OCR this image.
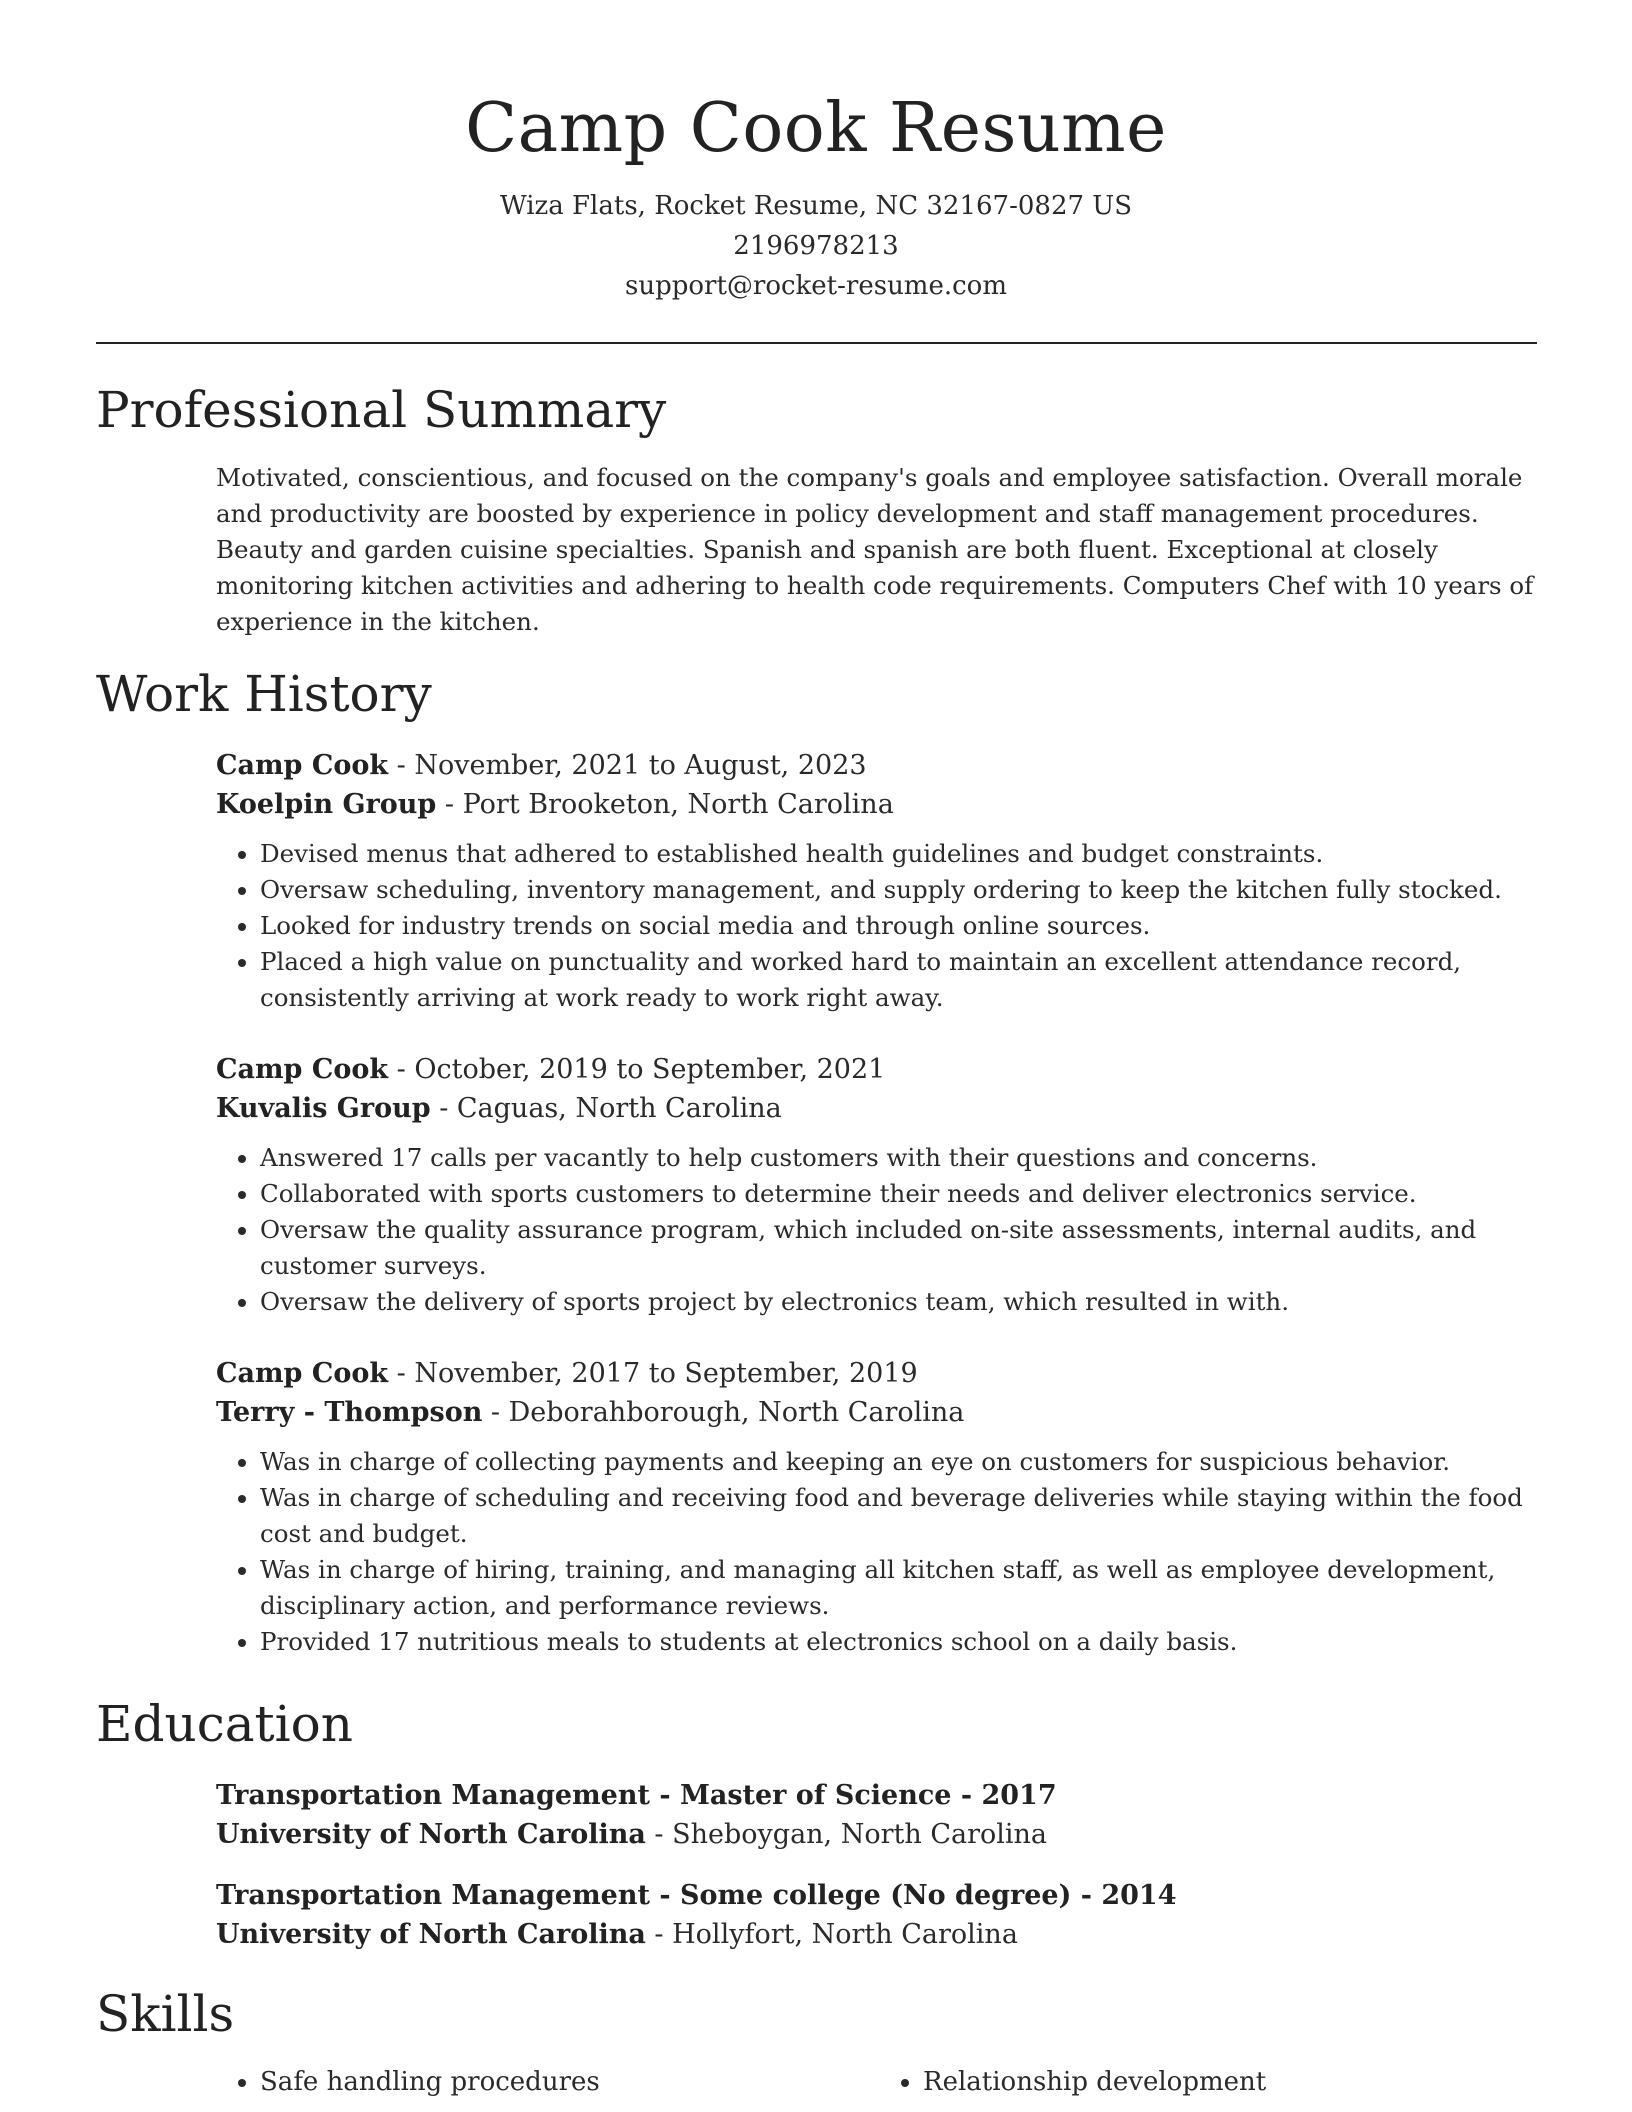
Camp Cook Resume
Wiza Flats, Rocket Resume, NC 32167-0827 US
2196978213
support@rocket-resume.com
Professional Summary

Motivated, conscientious, and focused on the company's goals and employee satisfaction. Overall morale and productivity are boosted by experience in policy development and staff management procedures. Beauty and garden cuisine specialties. Spanish and spanish are both fluent. Exceptional at closely monitoring kitchen activities and adhering to health code requirements. Computers Chef with 10 years of experience in the kitchen.

Work History
Camp Cook - November, 2021 to August, 2023
Koelpin Group - Port Brooketon, North Carolina
• Devised menus that adhered to established health guidelines and budget constraints.
• Oversaw scheduling, inventory management, and supply ordering to keep the kitchen fully stocked.
• Looked for industry trends on social media and through online sources.
• Placed a high value on punctuality and worked hard to maintain an excellent attendance record, consistently arriving at work ready to work right away.
Camp Cook - October, 2019 to September, 2021
Kuvalis Group - Caguas, North Carolina
• Answered 17 calls per vacantly to help customers with their questions and concerns.
• Collaborated with sports customers to determine their needs and deliver electronics service.
• Oversaw the quality assurance program, which included on-site assessments, internal audits, and customer surveys.
• Oversaw the delivery of sports project by electronics team, which resulted in with.
Camp Cook - November, 2017 to September, 2019
Terry - Thompson - Deborahborough, North Carolina
• Was in charge of collecting payments and keeping an eye on customers for suspicious behavior.
• Was in charge of scheduling and receiving food and beverage deliveries while staying within the food cost and budget.
• Was in charge of hiring, training, and managing all kitchen staff, as well as employee development, disciplinary action, and performance reviews.
• Provided 17 nutritious meals to students at electronics school on a daily basis.
Education
Transportation Management - Master of Science - 2017
University of North Carolina - Sheboygan, North Carolina
Transportation Management - Some college (No degree) - 2014
University of North Carolina - Hollyfort, North Carolina
Skills
• Safe handling procedures
•	Relationship development
